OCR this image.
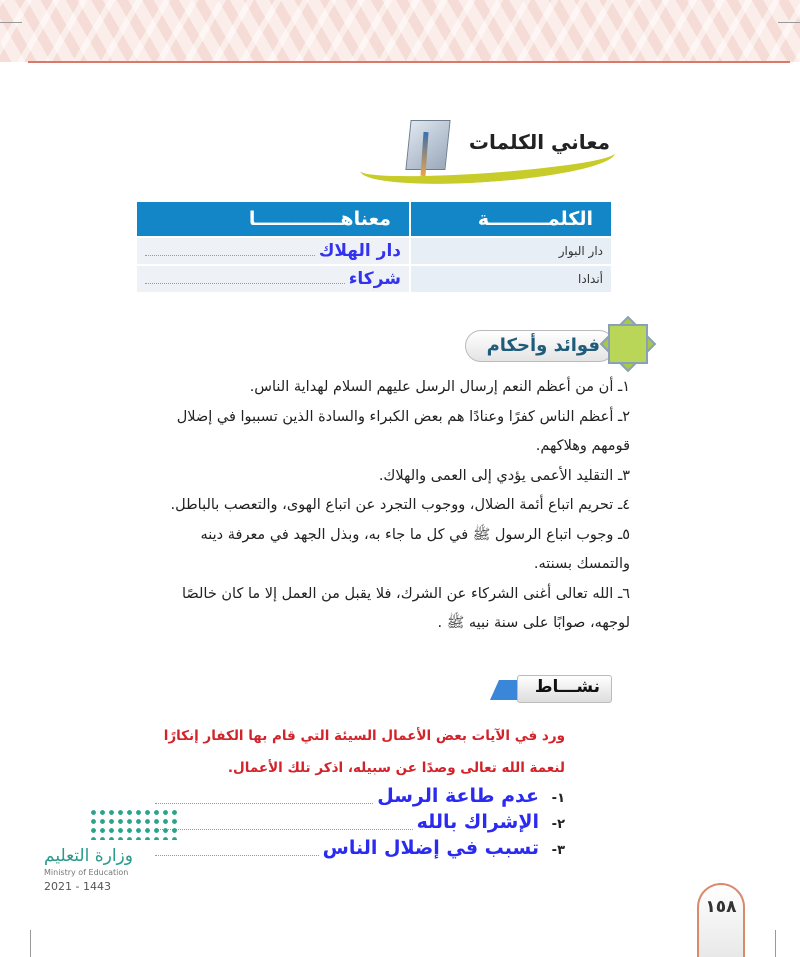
معاني الكلمات
الكلمـــــــــة	معناهـــــــــــــا
دار البوار	دار الهلاك
أندادا	شركاء
فوائد وأحكام
١ـ أن من أعظم النعم إرسال الرسل عليهم السلام لهداية الناس.
٢ـ أعظم الناس كفرًا وعنادًا هم بعض الكبراء والسادة الذين تسببوا في إضلال قومهم وهلاكهم.
٣ـ التقليد الأعمى يؤدي إلى العمى والهلاك.
٤ـ تحريم اتباع أئمة الضلال، ووجوب التجرد عن اتباع الهوى، والتعصب بالباطل.
٥ـ وجوب اتباع الرسول ﷺ في كل ما جاء به، وبذل الجهد في معرفة دينه والتمسك بسنته.
٦ـ الله تعالى أغنى الشركاء عن الشرك، فلا يقبل من العمل إلا ما كان خالصًا لوجهه، صوابًا على سنة نبيه ﷺ .
نشـــاط
ورد في الآيات بعض الأعمال السيئة التي قام بها الكفار إنكارًا لنعمة الله تعالى وصدًا عن سبيله، اذكر تلك الأعمال.
١-
عدم طاعة الرسل
٢-
الإشراك بالله
٣-
تسبب في إضلال الناس
وزارة التعليم
Ministry of Education
2021 - 1443
١٥٨
